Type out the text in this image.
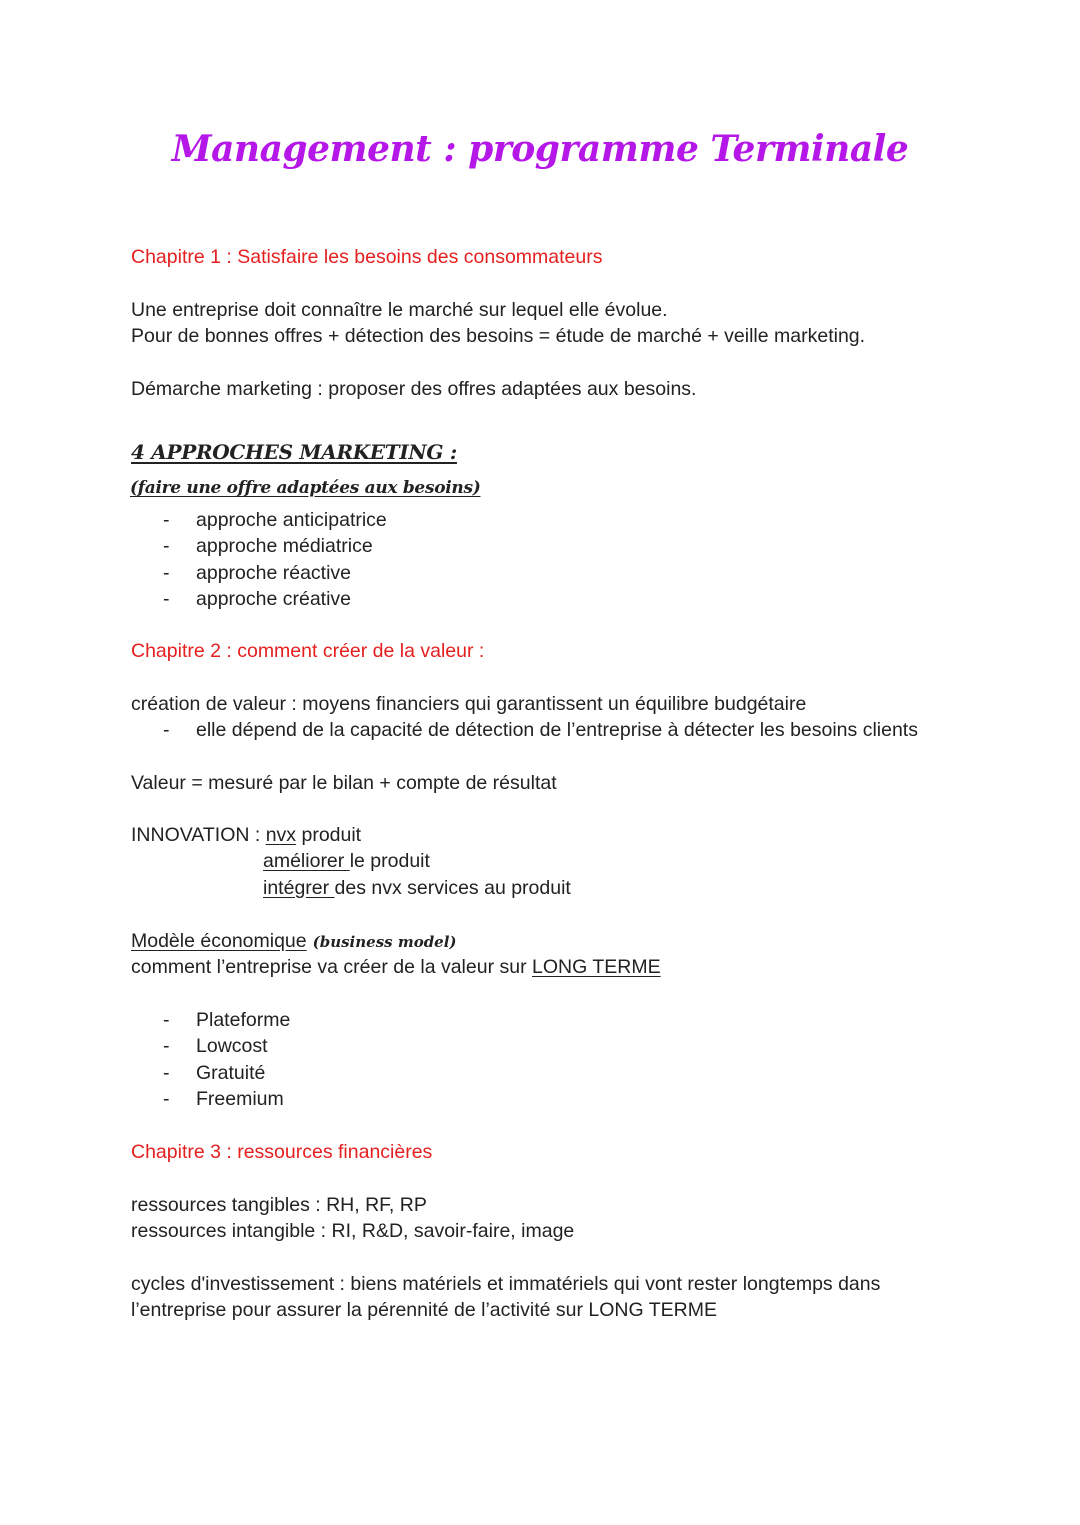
Management : programme Terminale
Chapitre 1 : Satisfaire les besoins des consommateurs
Une entreprise doit connaître le marché sur lequel elle évolue.
Pour de bonnes offres + détection des besoins = étude de marché + veille marketing.
Démarche marketing : proposer des offres adaptées aux besoins.
4 APPROCHES MARKETING :
(faire une offre adaptées aux besoins)
- approche anticipatrice
- approche médiatrice
- approche réactive
- approche créative
Chapitre 2 : comment créer de la valeur :
création de valeur : moyens financiers qui garantissent un équilibre budgétaire
- elle dépend de la capacité de détection de l’entreprise à détecter les besoins clients
Valeur = mesuré par le bilan + compte de résultat
INNOVATION : nvx produit
améliorer le produit
intégrer des nvx services au produit
Modèle économique (business model)
comment l’entreprise va créer de la valeur sur LONG TERME
- Plateforme
- Lowcost
- Gratuité
- Freemium
Chapitre 3 : ressources financières
ressources tangibles : RH, RF, RP
ressources intangible : RI, R&D, savoir-faire, image
cycles d'investissement : biens matériels et immatériels qui vont rester longtemps dans
l’entreprise pour assurer la pérennité de l’activité sur LONG TERME
